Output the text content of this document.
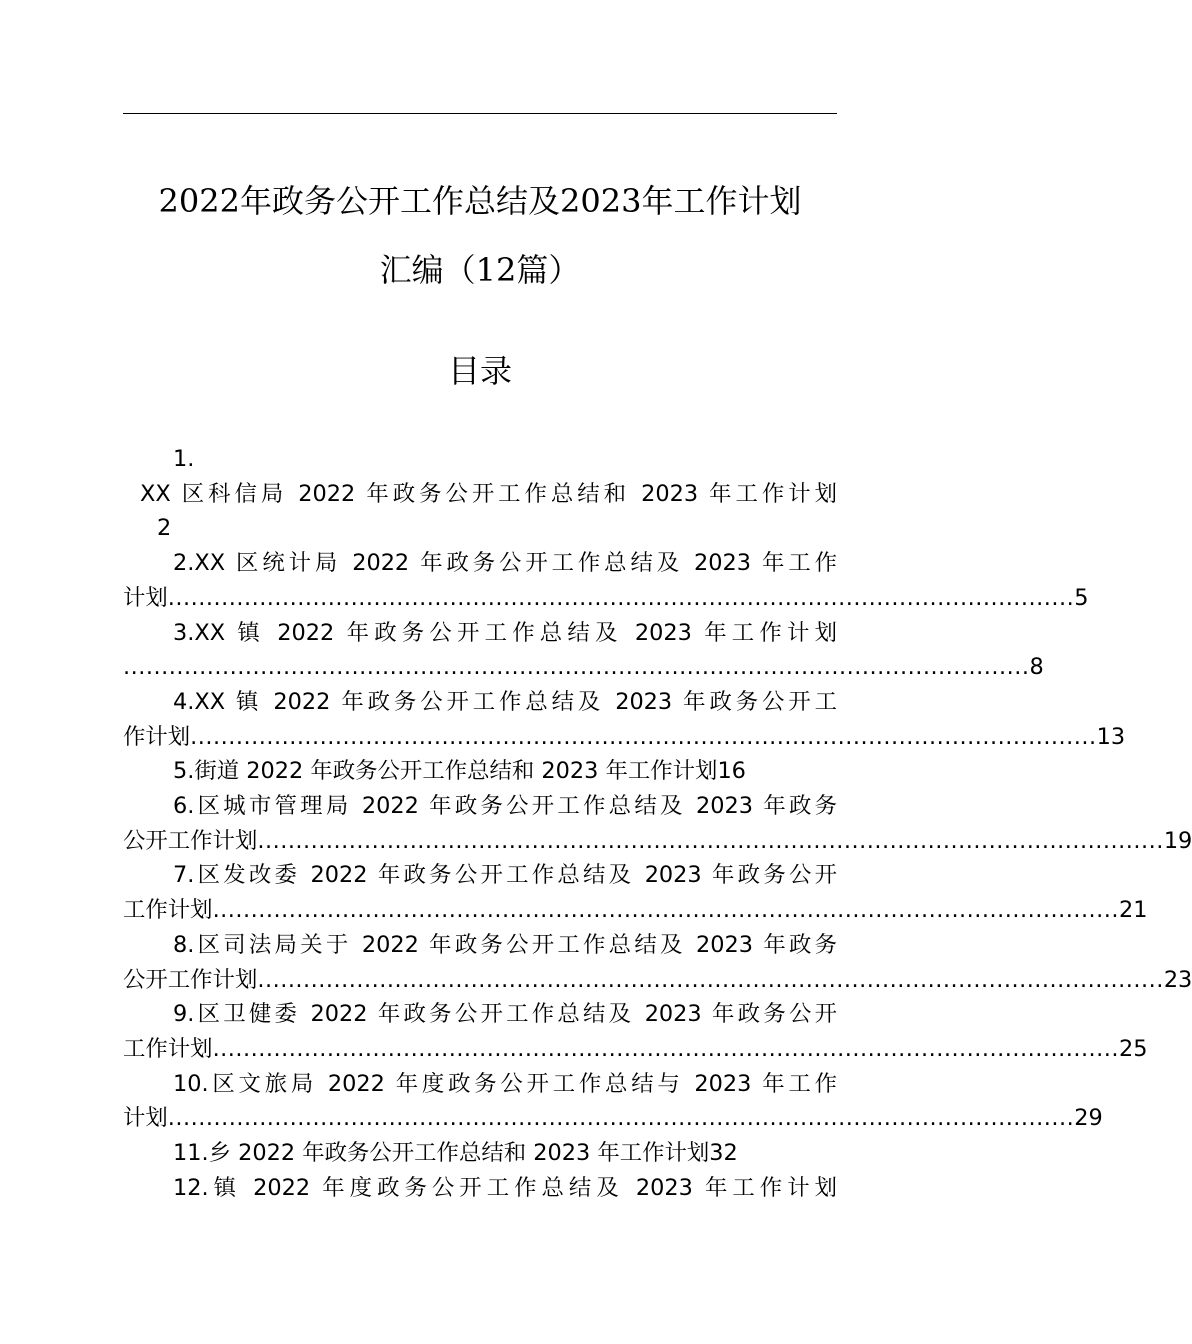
2022年政务公开工作总结及2023年工作计划
汇编（12篇）
目录
1.
XX 区科信局 2022 年政务公开工作总结和 2023 年工作计划
2
2.XX 区统计局 2022 年政务公开工作总结及 2023 年工作
计划 ....................................................................................................................... 5
3.XX 镇 2022 年政务公开工作总结及 2023 年工作计划
....................................................................................................................... 8
4.XX 镇 2022 年政务公开工作总结及 2023 年政务公开工
作计划 ....................................................................................................................... 13
5.街道 2022 年政务公开工作总结和 2023 年工作计划 16
6.区城市管理局 2022 年政务公开工作总结及 2023 年政务
公开工作计划 ....................................................................................................................... 19
7.区发改委 2022 年政务公开工作总结及 2023 年政务公开
工作计划 ....................................................................................................................... 21
8.区司法局关于 2022 年政务公开工作总结及 2023 年政务
公开工作计划 ....................................................................................................................... 23
9.区卫健委 2022 年政务公开工作总结及 2023 年政务公开
工作计划 ....................................................................................................................... 25
10.区文旅局 2022 年度政务公开工作总结与 2023 年工作
计划 ....................................................................................................................... 29
11.乡 2022 年政务公开工作总结和 2023 年工作计划 32
12.镇 2022 年度政务公开工作总结及 2023 年工作计划
